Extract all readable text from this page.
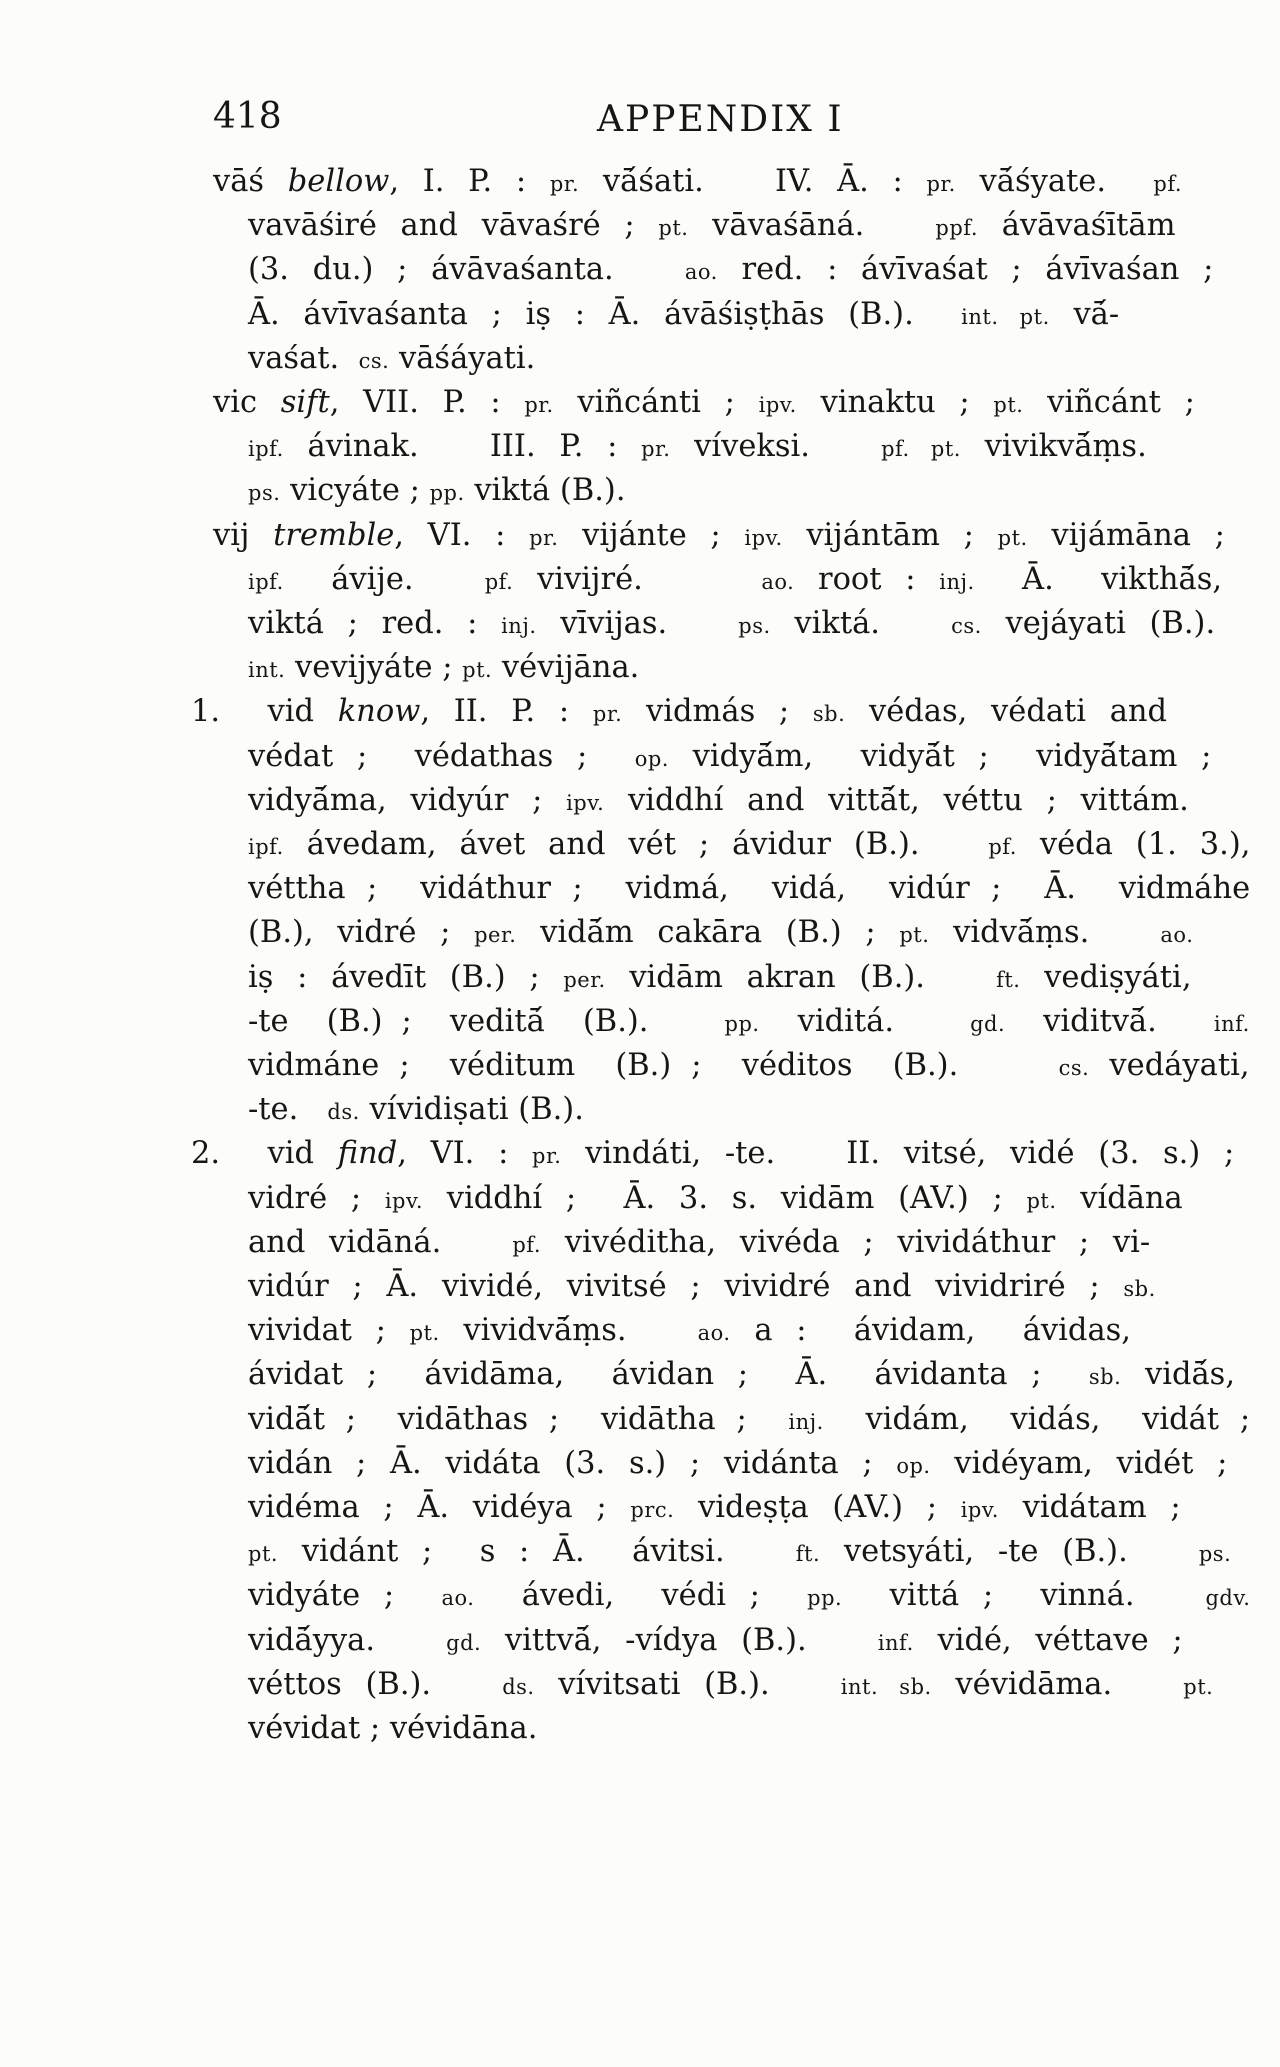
418	APPENDIX I
vāś bellow, I. P. : pr. vā́śati.   IV. Ā. : pr. vā́śyate.  pf.
vavāśiré and vāvaśré ; pt. vāvaśāná.   ppf. ávāvaśītām
(3. du.) ; ávāvaśanta.   ao. red. : ávīvaśat ; ávīvaśan ;
Ā. ávīvaśanta ; iṣ : Ā. ávāśiṣṭhās (B.).  int. pt. vā́-
vaśat.  cs. vāśáyati.
vic sift, VII. P. : pr. viñcánti ; ipv. vinaktu ; pt. viñcánt ;
ipf. ávinak.   III. P. : pr. víveksi.   pf. pt. vivikvā́ṃs.
ps. vicyáte ; pp. viktá (B.).
vij tremble, VI. : pr. vijánte ; ipv. vijántām ; pt. vijámāna ;
ipf.  ávije.   pf. vivijré.     ao. root : inj.  Ā.  vikthā́s,
viktá ; red. : inj. vīvijas.   ps. viktá.   cs. vejáyati (B.).
int. vevijyáte ; pt. vévijāna.
1.  vid know, II. P. : pr. vidmás ; sb. védas, védati and
védat ;  védathas ;  op. vidyā́m,  vidyā́t ;  vidyā́tam ;
vidyā́ma, vidyúr ; ipv. viddhí and vittā́t, véttu ; vittám.
ipf. ávedam, ávet and vét ; ávidur (B.).   pf. véda (1. 3.),
véttha ;  vidáthur ;  vidmá,  vidá,  vidúr ;  Ā.  vidmáhe
(B.), vidré ; per. vidā́m cakāra (B.) ; pt. vidvā́ṃs.   ao.
iṣ : ávedīt (B.) ; per. vidām akran (B.).   ft. vediṣyáti,
-te  (B.) ;  veditā́  (B.).    pp.  viditá.    gd.  viditvā́.   inf.
vidmáne ;  véditum  (B.) ;  véditos  (B.).     cs. vedáyati,
-te.   ds. vívidiṣati (B.).
2.  vid find, VI. : pr. vindáti, -te.   II. vitsé, vidé (3. s.) ;
vidré ; ipv. viddhí ;  Ā. 3. s. vidām (AV.) ; pt. vídāna
and vidāná.   pf. vivéditha, vivéda ; vividáthur ; vi-
vidúr ; Ā. vividé, vivitsé ; vividré and vividriré ; sb.
vividat ; pt. vividvā́ṃs.   ao. a :  ávidam,  ávidas,
ávidat ;  ávidāma,  ávidan ;  Ā.  ávidanta ;  sb. vidā́s,
vidā́t ;  vidāthas ;  vidātha ;  inj.  vidám,  vidás,  vidát ;
vidán ; Ā. vidáta (3. s.) ; vidánta ; op. vidéyam, vidét ;
vidéma ; Ā. vidéya ; prc. videṣṭa (AV.) ; ipv. vidátam ;
pt. vidánt ;  s : Ā.  ávitsi.   ft. vetsyáti, -te (B.).   ps.
vidyáte ;  ao.  ávedi,  védi ;  pp.  vittá ;  vinná.   gdv.
vidā́yya.   gd. vittvā́, -vídya (B.).   inf. vidé, véttave ;
véttos (B.).   ds. vívitsati (B.).   int. sb. vévidāma.   pt.
vévidat ; vévidāna.
